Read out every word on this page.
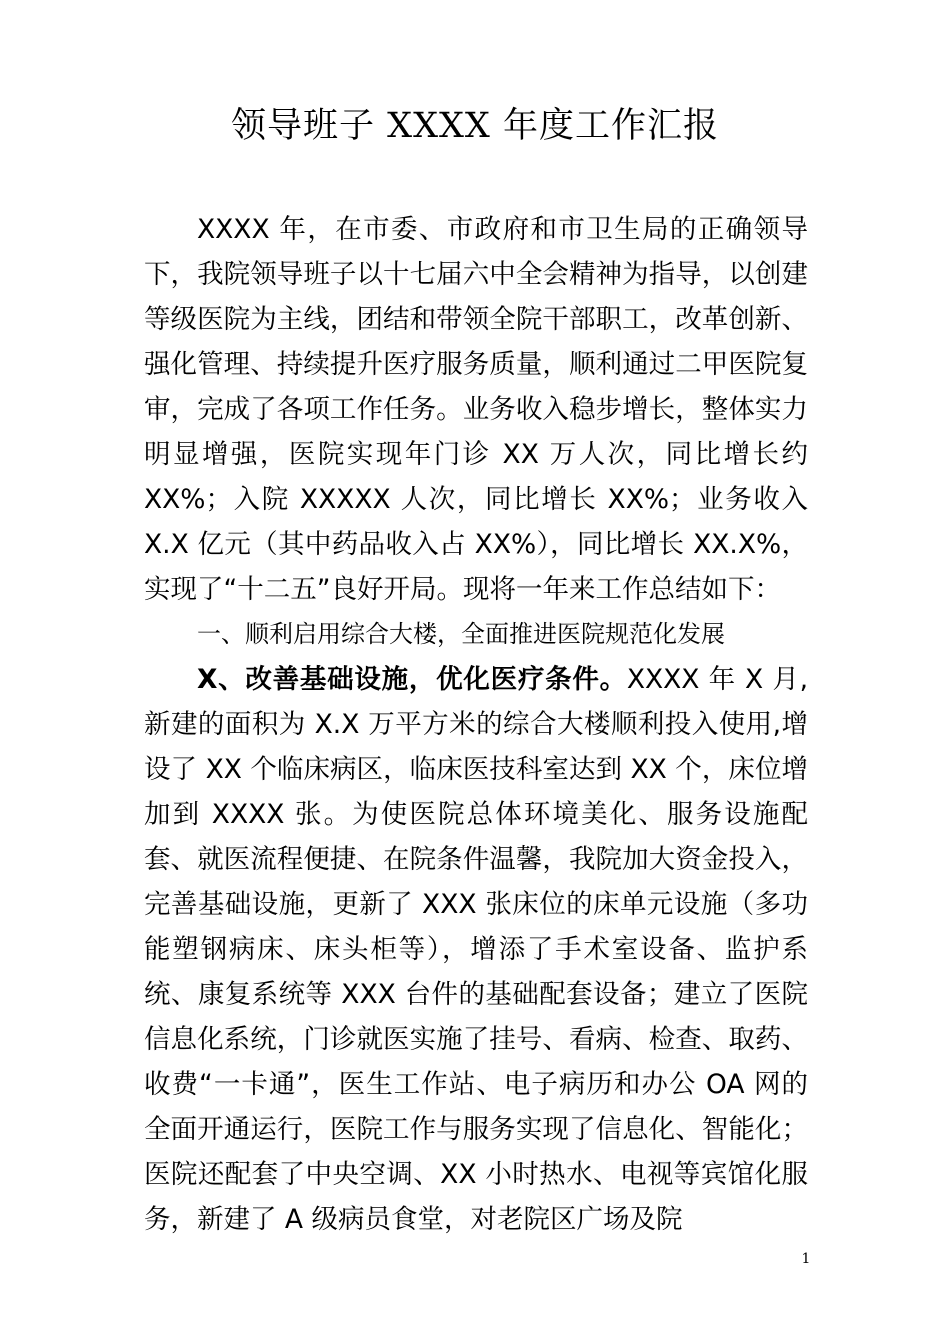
领导班子 XXXX 年度工作汇报

XXXX 年，在市委、市政府和市卫生局的正确领导下，我院领导班子以十七届六中全会精神为指导，以创建等级医院为主线，团结和带领全院干部职工，改革创新、强化管理、持续提升医疗服务质量，顺利通过二甲医院复审，完成了各项工作任务。业务收入稳步增长，整体实力明显增强，医院实现年门诊 XX 万人次，同比增长约 XX%；入院 XXXXX 人次，同比增长 XX%；业务收入 X.X 亿元（其中药品收入占 XX%），同比增长 XX.X%，实现了“十二五”良好开局。现将一年来工作总结如下：

一、顺利启用综合大楼，全面推进医院规范化发展

X、改善基础设施，优化医疗条件。XXXX 年 X 月,新建的面积为 X.X 万平方米的综合大楼顺利投入使用,增设了 XX 个临床病区，临床医技科室达到 XX 个，床位增加到 XXXX 张。为使医院总体环境美化、服务设施配套、就医流程便捷、在院条件温馨，我院加大资金投入，完善基础设施，更新了 XXX 张床位的床单元设施（多功能塑钢病床、床头柜等），增添了手术室设备、监护系统、康复系统等 XXX 台件的基础配套设备；建立了医院信息化系统，门诊就医实施了挂号、看病、检查、取药、收费“一卡通”，医生工作站、电子病历和办公 OA 网的全面开通运行，医院工作与服务实现了信息化、智能化；医院还配套了中央空调、XX 小时热水、电视等宾馆化服务，新建了 A 级病员食堂，对老院区广场及院

1
